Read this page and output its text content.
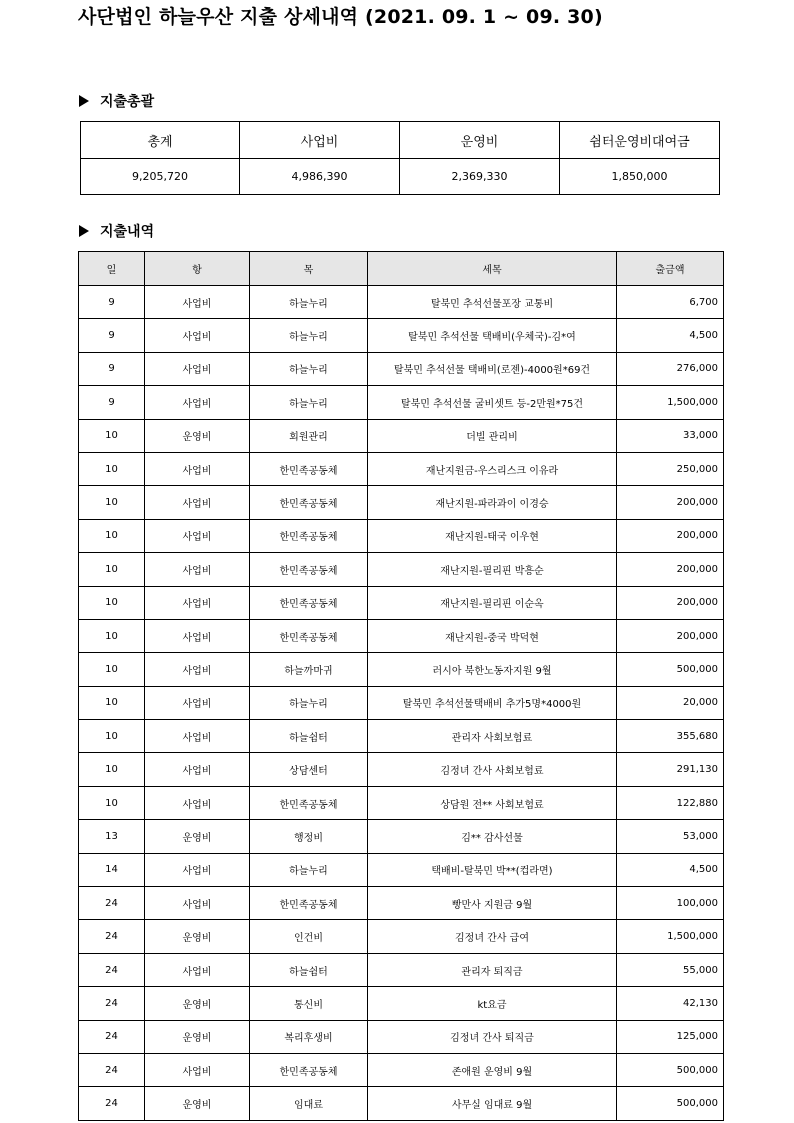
사단법인 하늘우산 지출 상세내역 (2021. 09. 1 ~ 09. 30)
지출총괄
총계	사업비	운영비	쉼터운영비대여금
9,205,720	4,986,390	2,369,330	1,850,000
지출내역
일	항	목	세목	출금액
9	사업비	하늘누리	탈북민 추석선물포장 교통비	6,700
9	사업비	하늘누리	탈북민 추석선물 택배비(우체국)-김*여	4,500
9	사업비	하늘누리	탈북민 추석선물 택배비(로젠)-4000원*69건	276,000
9	사업비	하늘누리	탈북민 추석선물 굴비셋트 등-2만원*75건	1,500,000
10	운영비	회원관리	더빌 관리비	33,000
10	사업비	한민족공동체	재난지원금-우스리스크 이유라	250,000
10	사업비	한민족공동체	재난지원-파라과이 이경승	200,000
10	사업비	한민족공동체	재난지원-태국 이우현	200,000
10	사업비	한민족공동체	재난지원-필리핀 박흥순	200,000
10	사업비	한민족공동체	재난지원-필리핀 이순옥	200,000
10	사업비	한민족공동체	재난지원-중국 박덕현	200,000
10	사업비	하늘까마귀	러시아 북한노동자지원 9월	500,000
10	사업비	하늘누리	탈북민 추석선물택배비 추가5명*4000원	20,000
10	사업비	하늘쉼터	관리자 사회보험료	355,680
10	사업비	상담센터	김정녀 간사 사회보험료	291,130
10	사업비	한민족공동체	상담원 전** 사회보험료	122,880
13	운영비	행정비	김** 감사선물	53,000
14	사업비	하늘누리	택배비-탈북민 박**(컵라면)	4,500
24	사업비	한민족공동체	빵만사 지원금 9월	100,000
24	운영비	인건비	김정녀 간사 급여	1,500,000
24	사업비	하늘쉼터	관리자 퇴직금	55,000
24	운영비	통신비	kt요금	42,130
24	운영비	복리후생비	김정녀 간사 퇴직금	125,000
24	사업비	한민족공동체	존애원 운영비 9월	500,000
24	운영비	임대료	사무실 임대료 9월	500,000
